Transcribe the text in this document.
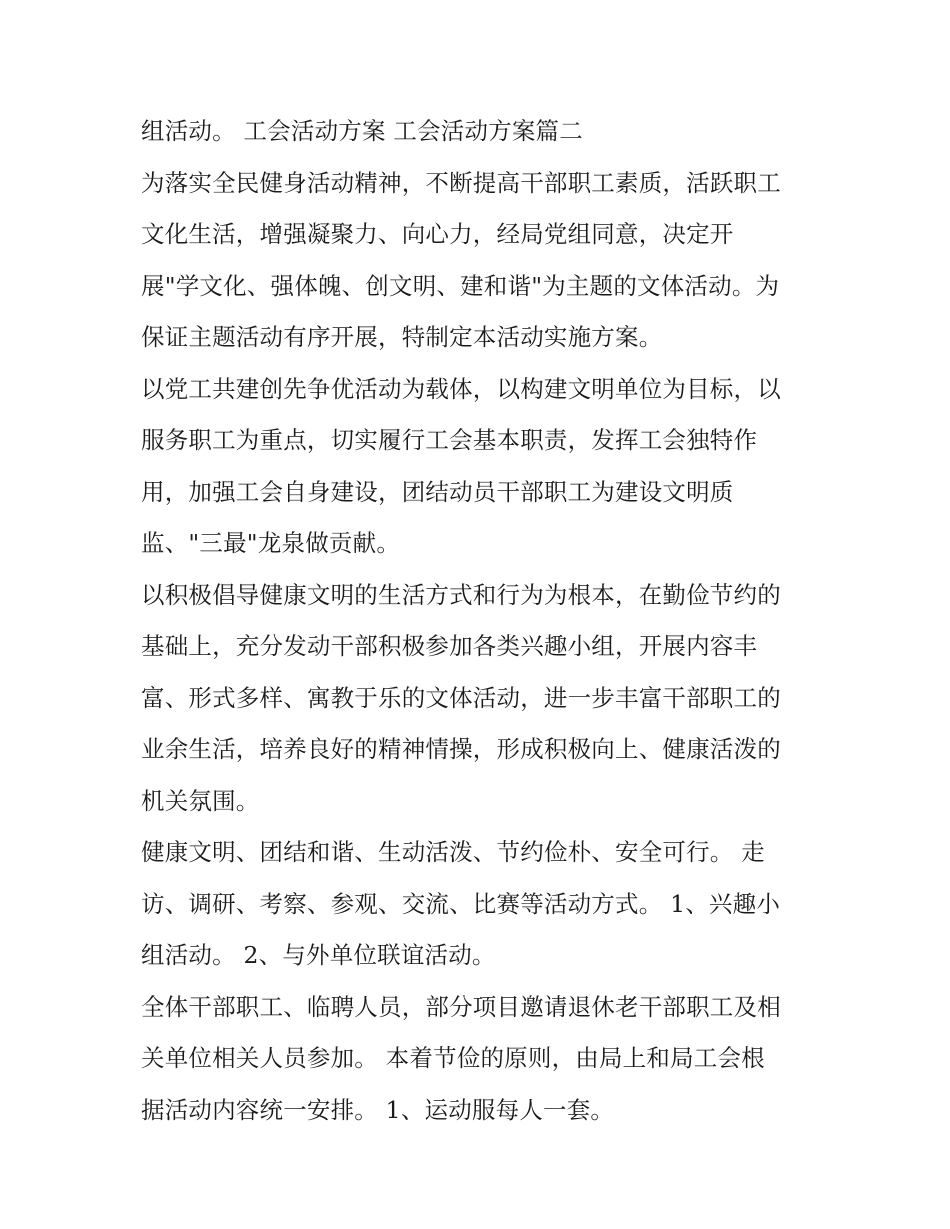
组活动。 工会活动方案 工会活动方案篇二

为落实全民健身活动精神，不断提高干部职工素质，活跃职工
文化生活，增强凝聚力、向心力，经局党组同意，决定开
展"学文化、强体魄、创文明、建和谐"为主题的文体活动。为
保证主题活动有序开展，特制定本活动实施方案。

以党工共建创先争优活动为载体，以构建文明单位为目标，以
服务职工为重点，切实履行工会基本职责，发挥工会独特作
用，加强工会自身建设，团结动员干部职工为建设文明质
监、"三最"龙泉做贡献。

以积极倡导健康文明的生活方式和行为为根本，在勤俭节约的
基础上，充分发动干部积极参加各类兴趣小组，开展内容丰
富、形式多样、寓教于乐的文体活动，进一步丰富干部职工的
业余生活，培养良好的精神情操，形成积极向上、健康活泼的
机关氛围。

健康文明、团结和谐、生动活泼、节约俭朴、安全可行。 走
访、调研、考察、参观、交流、比赛等活动方式。 1、兴趣小
组活动。 2、与外单位联谊活动。

全体干部职工、临聘人员，部分项目邀请退休老干部职工及相
关单位相关人员参加。 本着节俭的原则，由局上和局工会根
据活动内容统一安排。 1、运动服每人一套。
